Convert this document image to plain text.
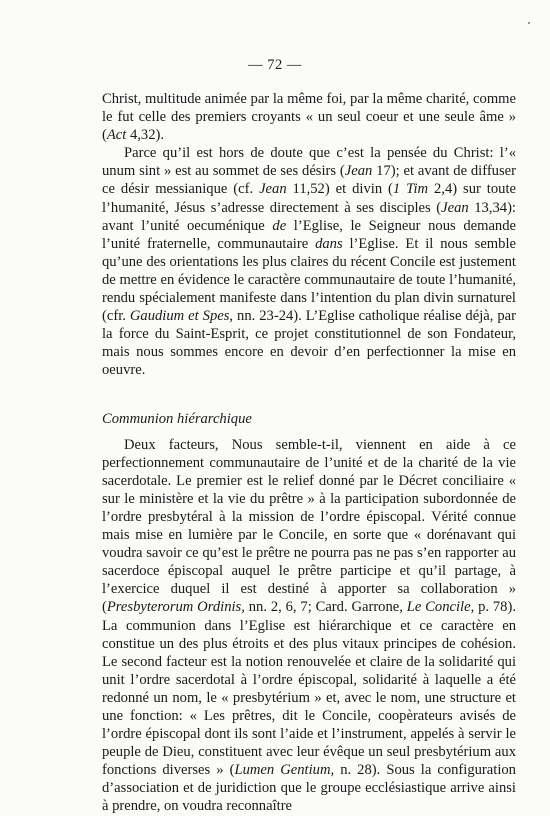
— 72 —

Christ, multitude animée par la même foi, par la même charité, comme le fut celle des premiers croyants « un seul coeur et une seule âme » (Act 4,32).

Parce qu’il est hors de doute que c’est la pensée du Christ: l’« unum sint » est au sommet de ses désirs (Jean 17); et avant de diffuser ce désir messianique (cf. Jean 11,52) et divin (1 Tim 2,4) sur toute l’humanité, Jésus s’adresse directement à ses disciples (Jean 13,34): avant l’unité oecuménique de l’Eglise, le Seigneur nous demande l’unité fraternelle, communautaire dans l’Eglise. Et il nous semble qu’une des orientations les plus claires du récent Concile est justement de mettre en évidence le caractère communautaire de toute l’humanité, rendu spécialement manifeste dans l’intention du plan divin surnaturel (cfr. Gaudium et Spes, nn. 23-24). L’Eglise catholique réalise déjà, par la force du Saint-Esprit, ce projet constitutionnel de son Fondateur, mais nous sommes encore en devoir d’en perfectionner la mise en oeuvre.

Communion hiérarchique

Deux facteurs, Nous semble-t-il, viennent en aide à ce perfectionnement communautaire de l’unité et de la charité de la vie sacerdotale. Le premier est le relief donné par le Décret conciliaire « sur le ministère et la vie du prêtre » à la participation subordonnée de l’ordre presbytéral à la mission de l’ordre épiscopal. Vérité connue mais mise en lumière par le Concile, en sorte que « dorénavant qui voudra savoir ce qu’est le prêtre ne pourra pas ne pas s’en rapporter au sacerdoce épiscopal auquel le prêtre participe et qu’il partage, à l’exercice duquel il est destiné à apporter sa collaboration » (Presbyterorum Ordinis, nn. 2, 6, 7; Card. Garrone, Le Concile, p. 78). La communion dans l’Eglise est hiérarchique et ce caractère en constitue un des plus étroits et des plus vitaux principes de cohésion. Le second facteur est la notion renouvelée et claire de la solidarité qui unit l’ordre sacerdotal à l’ordre épiscopal, solidarité à laquelle a été redonné un nom, le « presbytérium » et, avec le nom, une structure et une fonction: « Les prêtres, dit le Concile, coopèrateurs avisés de l’ordre épiscopal dont ils sont l’aide et l’instrument, appelés à servir le peuple de Dieu, constituent avec leur évêque un seul presbytérium aux fonctions diverses » (Lumen Gentium, n. 28). Sous la configuration d’association et de juridiction que le groupe ecclésiastique arrive ainsi à prendre, on voudra reconnaître
